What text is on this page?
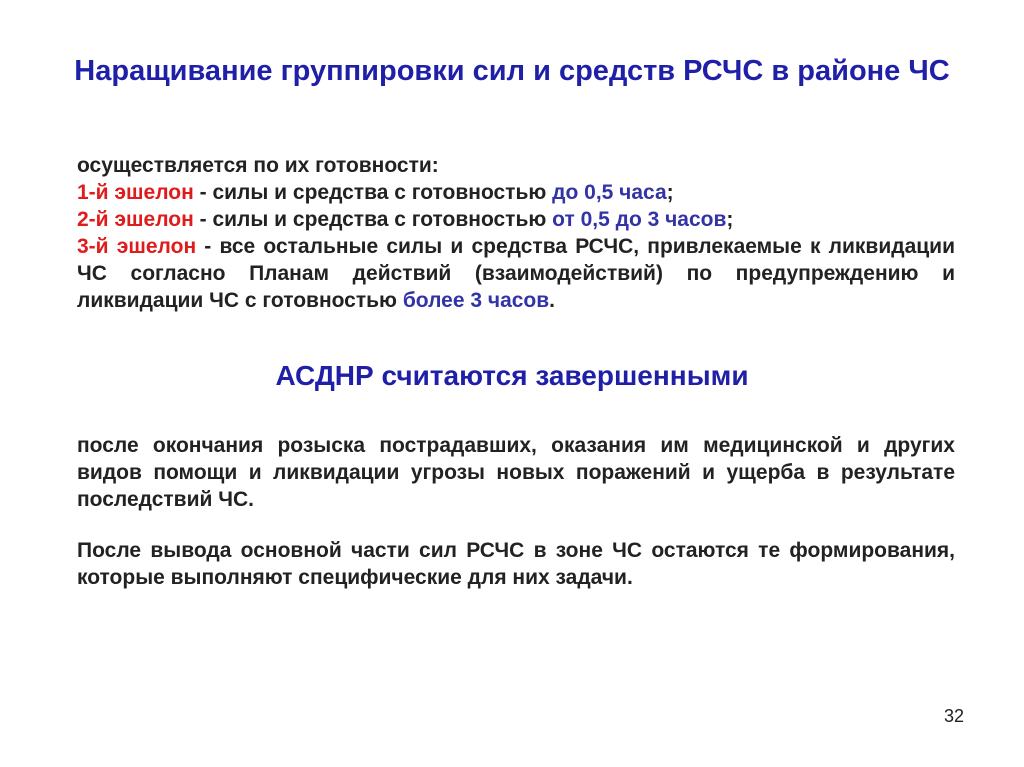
Наращивание группировки сил и средств РСЧС в районе ЧС

осуществляется по их готовности:

1-й эшелон - силы и средства с готовностью до 0,5 часа;

2-й эшелон - силы и средства с готовностью от 0,5 до 3 часов;

3-й эшелон - все остальные силы и средства РСЧС, привлекаемые к ликвидации ЧС согласно Планам действий (взаимодействий) по предупреждению и ликвидации ЧС с готовностью более 3 часов.

АСДНР считаются завершенными
после окончания розыска пострадавших, оказания им медицинской и других видов помощи и ликвидации угрозы новых поражений и ущерба в результате последствий ЧС.
После вывода основной части сил РСЧС в зоне ЧС остаются те формирования, которые выполняют специфические для них задачи.
32
